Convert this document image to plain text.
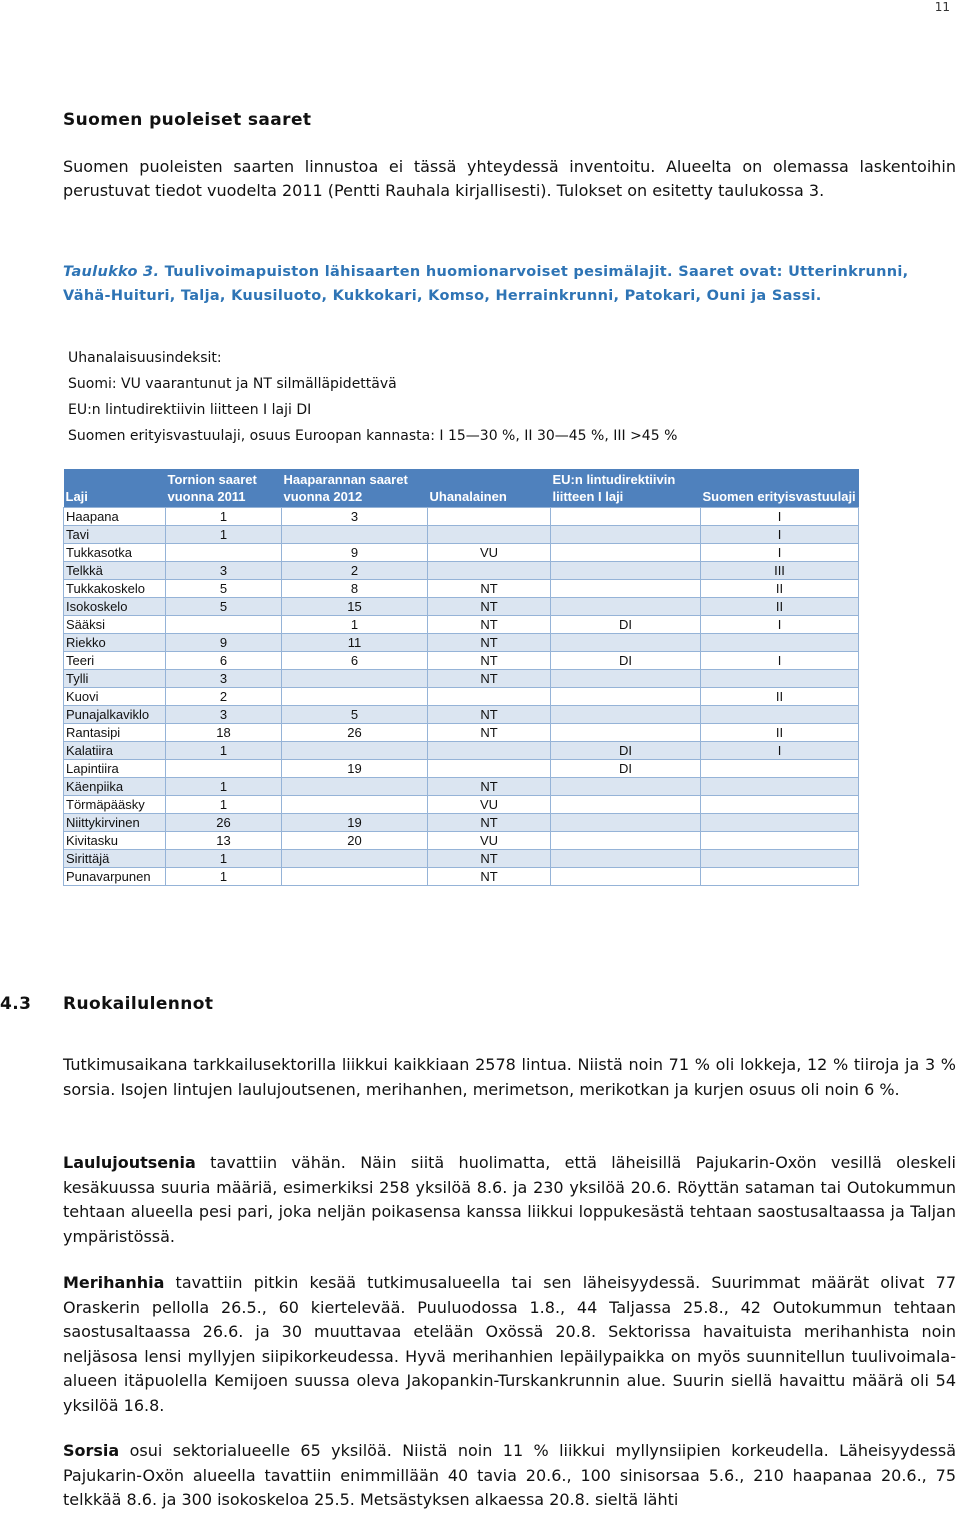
11
Suomen puoleiset saaret

Suomen puoleisten saarten linnustoa ei tässä yhteydessä inventoitu. Alueelta on olemassa laskentoihin perustuvat tiedot vuodelta 2011 (Pentti Rauhala kirjallisesti). Tulokset on esitetty taulukossa 3.

Taulukko 3. Tuulivoimapuiston lähisaarten huomionarvoiset pesimälajit. Saaret ovat: Utterinkrunni, Vähä-Huituri, Talja, Kuusiluoto, Kukkokari, Komso, Herrainkrunni, Patokari, Ouni ja Sassi.

Uhanalaisuusindeksit:
Suomi: VU vaarantunut ja NT silmälläpidettävä
EU:n lintudirektiivin liitteen I laji DI
Suomen erityisvastuulaji, osuus Euroopan kannasta: I 15—30 %, II 30—45 %, III >45 %
Laji	Tornion saaret vuonna 2011	Haaparannan saaret vuonna 2012	Uhanalainen	EU:n lintudirektiivin liitteen I laji	Suomen erityisvastuulaji
Haapana	1	3			I
Tavi	1				I
Tukkasotka		9	VU		I
Telkkä	3	2			III
Tukkakoskelo	5	8	NT		II
Isokoskelo	5	15	NT		II
Sääksi		1	NT	DI	I
Riekko	9	11	NT		
Teeri	6	6	NT	DI	I
Tylli	3		NT		
Kuovi	2				II
Punajalkaviklo	3	5	NT		
Rantasipi	18	26	NT		II
Kalatiira	1			DI	I
Lapintiira		19		DI	
Käenpiika	1		NT		
Törmäpääsky	1		VU		
Niittykirvinen	26	19	NT		
Kivitasku	13	20	VU		
Sirittäjä	1		NT		
Punavarpunen	1		NT		
4.3 Ruokailulennot

Tutkimusaikana tarkkailusektorilla liikkui kaikkiaan 2578 lintua. Niistä noin 71 % oli lokkeja, 12 % tiiroja ja 3 % sorsia. Isojen lintujen laulujoutsenen, merihanhen, merimetson, merikotkan ja kurjen osuus oli noin 6 %.

Laulujoutsenia tavattiin vähän. Näin siitä huolimatta, että läheisillä Pajukarin-Oxön vesillä oleskeli kesäkuussa suuria määriä, esimerkiksi 258 yksilöä 8.6. ja 230 yksilöä 20.6. Röyttän sataman tai Outokummun tehtaan alueella pesi pari, joka neljän poikasensa kanssa liikkui loppukesästä tehtaan saostusaltaassa ja Taljan ympäristössä.

Merihanhia tavattiin pitkin kesää tutkimusalueella tai sen läheisyydessä. Suurimmat määrät olivat 77 Oraskerin pellolla 26.5., 60 kiertelevää. Puuluodossa 1.8., 44 Taljassa 25.8., 42 Outokummun tehtaan saostusaltaassa 26.6. ja 30 muuttavaa etelään Oxössä 20.8. Sektorissa havaituista merihanhista noin neljäsosa lensi myllyjen siipikorkeudessa. Hyvä merihanhien lepäilypaikka on myös suunnitellun tuulivoimala-alueen itäpuolella Kemijoen suussa oleva Jakopankin-Turskankrunnin alue. Suurin siellä havaittu määrä oli 54 yksilöä 16.8.

Sorsia osui sektorialueelle 65 yksilöä. Niistä noin 11 % liikkui myllynsiipien korkeudella. Läheisyydessä Pajukarin-Oxön alueella tavattiin enimmillään 40 tavia 20.6., 100 sinisorsaa 5.6., 210 haapanaa 20.6., 75 telkkää 8.6. ja 300 isokoskeloa 25.5. Metsästyksen alkaessa 20.8. sieltä lähti
